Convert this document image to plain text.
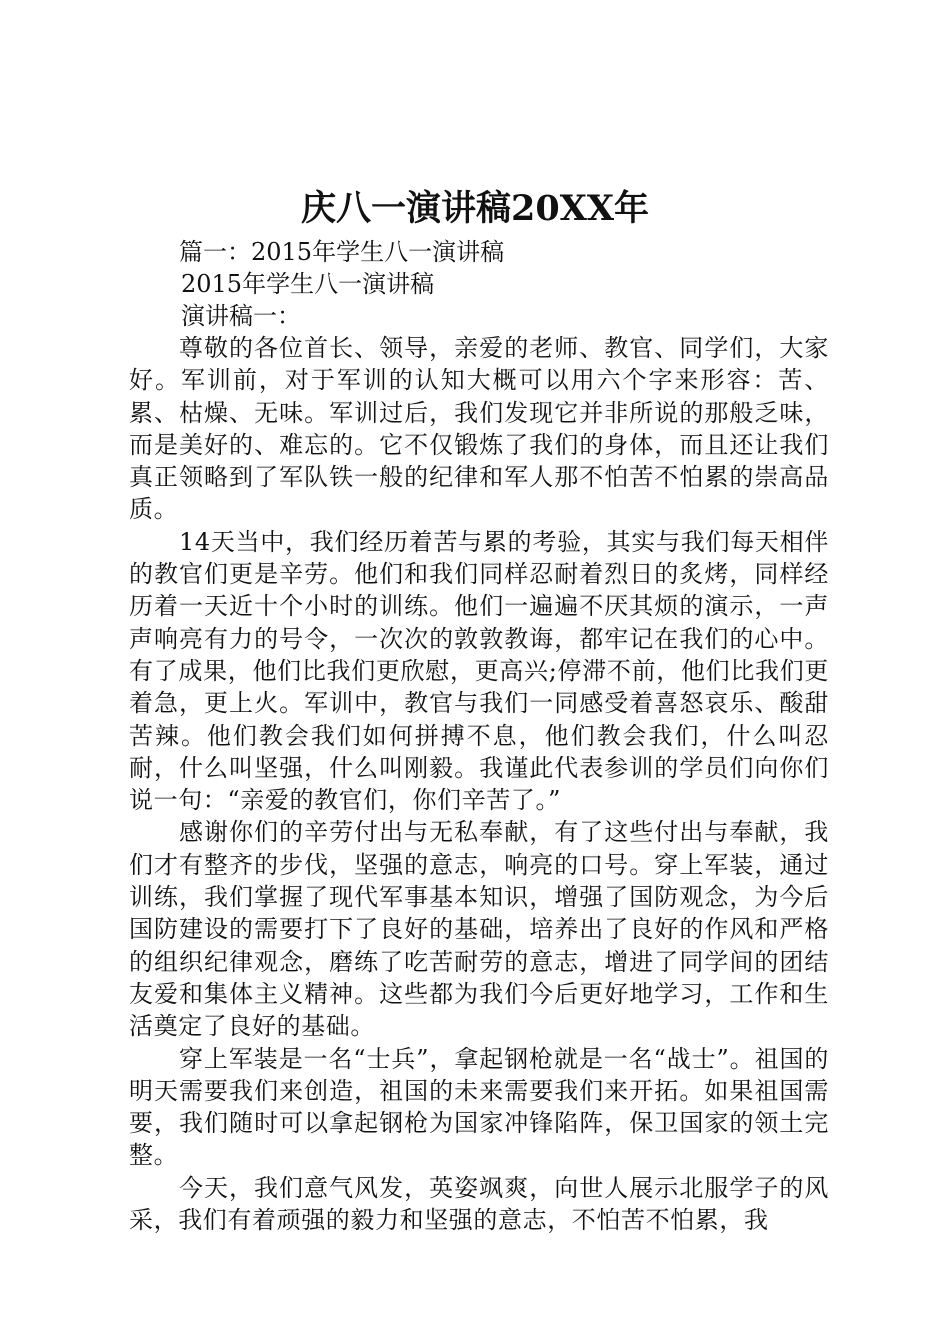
庆八一演讲稿20XX年
篇一：2015年学生八一演讲稿
2015年学生八一演讲稿
演讲稿一：

尊敬的各位首长、领导，亲爱的老师、教官、同学们，大家好。军训前，对于军训的认知大概可以用六个字来形容：苦、累、枯燥、无味。军训过后，我们发现它并非所说的那般乏味，而是美好的、难忘的。它不仅锻炼了我们的身体，而且还让我们真正领略到了军队铁一般的纪律和军人那不怕苦不怕累的崇高品质。

14天当中，我们经历着苦与累的考验，其实与我们每天相伴的教官们更是辛劳。他们和我们同样忍耐着烈日的炙烤，同样经历着一天近十个小时的训练。他们一遍遍不厌其烦的演示，一声声响亮有力的号令，一次次的敦敦教诲，都牢记在我们的心中。有了成果，他们比我们更欣慰，更高兴;停滞不前，他们比我们更着急，更上火。军训中，教官与我们一同感受着喜怒哀乐、酸甜苦辣。他们教会我们如何拼搏不息，他们教会我们，什么叫忍耐，什么叫坚强，什么叫刚毅。我谨此代表参训的学员们向你们说一句：“亲爱的教官们，你们辛苦了。”

感谢你们的辛劳付出与无私奉献，有了这些付出与奉献，我们才有整齐的步伐，坚强的意志，响亮的口号。穿上军装，通过训练，我们掌握了现代军事基本知识，增强了国防观念，为今后国防建设的需要打下了良好的基础，培养出了良好的作风和严格的组织纪律观念，磨练了吃苦耐劳的意志，增进了同学间的团结友爱和集体主义精神。这些都为我们今后更好地学习，工作和生活奠定了良好的基础。

穿上军装是一名“士兵”，拿起钢枪就是一名“战士”。祖国的明天需要我们来创造，祖国的未来需要我们来开拓。如果祖国需要，我们随时可以拿起钢枪为国家冲锋陷阵，保卫国家的领土完整。

今天，我们意气风发，英姿飒爽，向世人展示北服学子的风采，我们有着顽强的毅力和坚强的意志，不怕苦不怕累，我
